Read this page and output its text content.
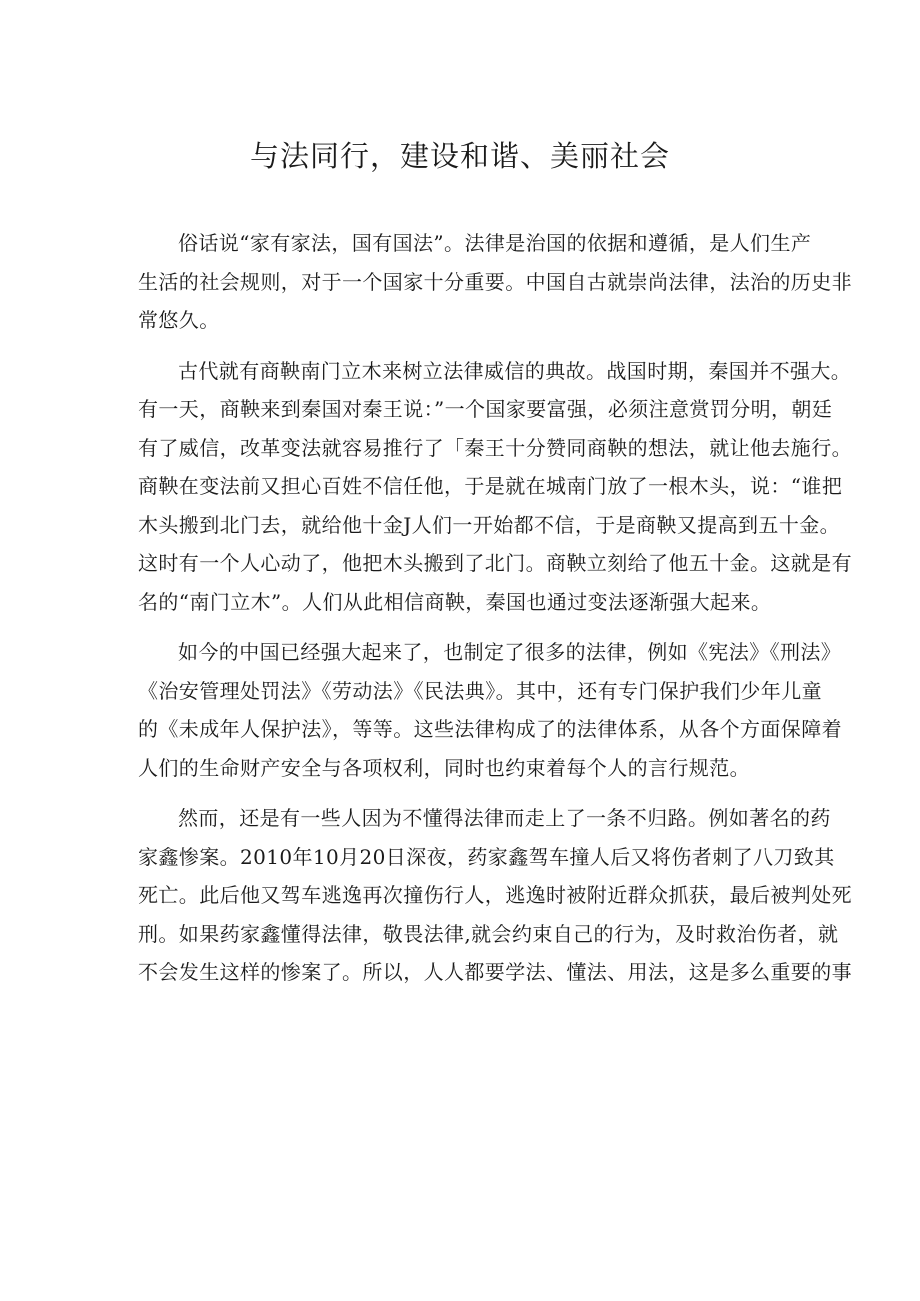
与法同行，建设和谐、美丽社会
俗话说“家有家法，国有国法”。法律是治国的依据和遵循，是人们生产
生活的社会规则，对于一个国家十分重要。中国自古就崇尚法律，法治的历史非
常悠久。
古代就有商鞅南门立木来树立法律威信的典故。战国时期，秦国并不强大。
有一天，商鞅来到秦国对秦王说：”一个国家要富强，必须注意赏罚分明，朝廷
有了威信，改革变法就容易推行了「秦王十分赞同商鞅的想法，就让他去施行。
商鞅在变法前又担心百姓不信任他，于是就在城南门放了一根木头，说：“谁把
木头搬到北门去，就给他十金J人们一开始都不信，于是商鞅又提高到五十金。
这时有一个人心动了，他把木头搬到了北门。商鞅立刻给了他五十金。这就是有
名的“南门立木”。人们从此相信商鞅，秦国也通过变法逐渐强大起来。
如今的中国已经强大起来了，也制定了很多的法律，例如《宪法》《刑法》
《治安管理处罚法》《劳动法》《民法典》。其中，还有专门保护我们少年儿童
的《未成年人保护法》，等等。这些法律构成了的法律体系，从各个方面保障着
人们的生命财产安全与各项权利，同时也约束着每个人的言行规范。
然而，还是有一些人因为不懂得法律而走上了一条不归路。例如著名的药
家鑫惨案。2010年10月20日深夜，药家鑫驾车撞人后又将伤者刺了八刀致其
死亡。此后他又驾车逃逸再次撞伤行人，逃逸时被附近群众抓获，最后被判处死
刑。如果药家鑫懂得法律，敬畏法律,就会约束自己的行为，及时救治伤者，就
不会发生这样的惨案了。所以，人人都要学法、懂法、用法，这是多么重要的事
